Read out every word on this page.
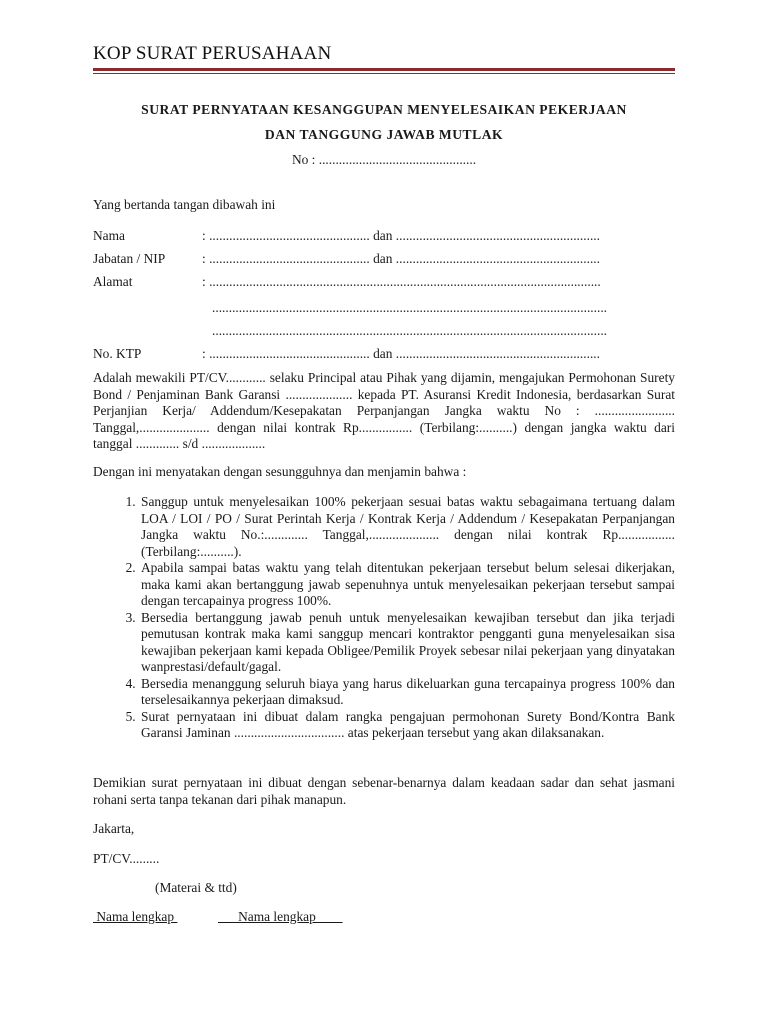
KOP SURAT PERUSAHAAN
SURAT PERNYATAAN KESANGGUPAN MENYELESAIKAN PEKERJAAN
DAN TANGGUNG JAWAB MUTLAK
No : ...............................................
Yang bertanda tangan dibawah ini
Nama	: ................................................ dan .............................................................
Jabatan / NIP	: ................................................ dan .............................................................
Alamat	: .....................................................................................................................
......................................................................................................................
......................................................................................................................
No. KTP	: ................................................ dan .............................................................
Adalah mewakili PT/CV............ selaku Principal atau Pihak yang dijamin, mengajukan Permohonan Surety Bond / Penjaminan Bank Garansi .................... kepada PT. Asuransi Kredit Indonesia, berdasarkan Surat Perjanjian Kerja/ Addendum/Kesepakatan Perpanjangan Jangka waktu No : ........................ Tanggal,..................... dengan nilai kontrak Rp................ (Terbilang:..........) dengan jangka waktu dari tanggal ............. s/d ...................
Dengan ini menyatakan dengan sesungguhnya dan menjamin bahwa :
1. Sanggup untuk menyelesaikan 100% pekerjaan sesuai batas waktu sebagaimana tertuang dalam LOA / LOI / PO / Surat Perintah Kerja / Kontrak Kerja / Addendum / Kesepakatan Perpanjangan Jangka waktu No.:............. Tanggal,..................... dengan nilai kontrak Rp................. (Terbilang:..........).
2. Apabila sampai batas waktu yang telah ditentukan pekerjaan tersebut belum selesai dikerjakan, maka kami akan bertanggung jawab sepenuhnya untuk menyelesaikan pekerjaan tersebut sampai dengan tercapainya progress 100%.
3. Bersedia bertanggung jawab penuh untuk menyelesaikan kewajiban tersebut dan jika terjadi pemutusan kontrak maka kami sanggup mencari kontraktor pengganti guna menyelesaikan sisa kewajiban pekerjaan kami kepada Obligee/Pemilik Proyek sebesar nilai pekerjaan yang dinyatakan wanprestasi/default/gagal.
4. Bersedia menanggung seluruh biaya yang harus dikeluarkan guna tercapainya progress 100% dan terselesaikannya pekerjaan dimaksud.
5. Surat pernyataan ini dibuat dalam rangka pengajuan permohonan Surety Bond/Kontra Bank Garansi Jaminan ................................. atas pekerjaan tersebut yang akan dilaksanakan.
Demikian surat pernyataan ini dibuat dengan sebenar-benarnya dalam keadaan sadar dan sehat jasmani rohani serta tanpa tekanan dari pihak manapun.
Jakarta,
PT/CV.........
(Materai & ttd)
Nama lengkap	Nama lengkap
